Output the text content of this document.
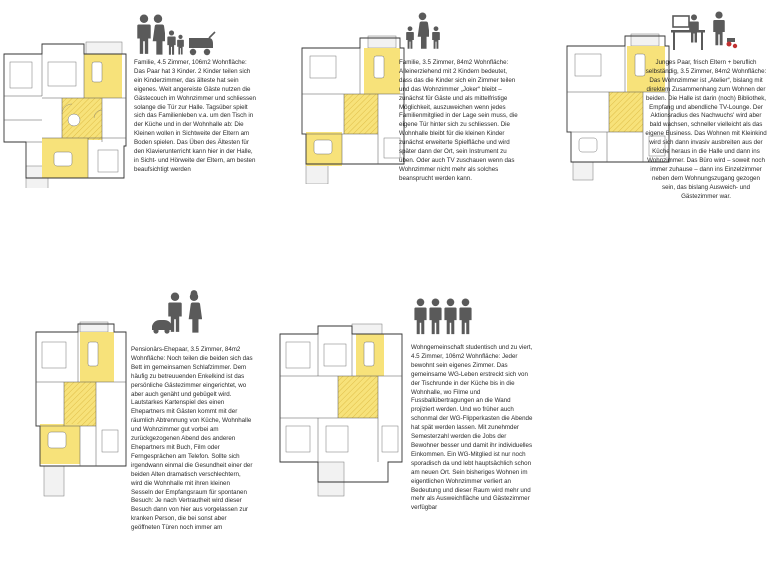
Familie, 4.5 Zimmer, 106m2 Wohnfläche:

Das Paar hat 3 Kinder. 2 Kinder teilen sich

ein Kinderzimmer, das älteste hat sein

eigenes. Weit angereiste Gäste nutzen die

Gästecouch im Wohnzimmer und schliessen

solange die Tür zur Halle. Tagsüber spielt

sich das Familienleben v.a. um den Tisch in

der Küche und in der Wohnhalle ab: Die

Kleinen wollen in Sichtweite der Eltern am

Boden spielen. Das Üben des Ältesten für

den Klavierunterricht kann hier in der Halle,

in Sicht- und Hörweite der Eltern, am besten

beaufsichtigt werden

Familie, 3.5 Zimmer, 84m2 Wohnfläche:

Alleinerziehend mit 2 Kindern bedeutet,

dass das die Kinder sich ein Zimmer teilen

und das Wohnzimmer „Joker“ bleibt –

zunächst für Gäste und als mittelfristige

Möglichkeit, auszuweichen wenn jedes

Familienmitglied in der Lage sein muss, die

eigene Tür hinter sich zu schliessen. Die

Wohnhalle bleibt für die kleinen Kinder

zunächst erweiterte Spielfläche und wird

später dann der Ort, sein Instrument zu

üben. Oder auch TV zuschauen wenn das

Wohnzimmer nicht mehr als solches

beansprucht werden kann.

Junges Paar, frisch Eltern + beruflich

selbständig, 3.5 Zimmer, 84m2 Wohnfläche:

Das Wohnzimmer ist „Atelier“, bislang mit

direktem Zusammenhang zum Wohnen der

beiden. Die Halle ist darin (noch) Bibliothek,

Empfang und abendliche TV-Lounge. Der

Aktionsradius des Nachwuchs' wird aber

bald wachsen, schneller vielleicht als das

eigene Business. Das Wohnen mit Kleinkind

wird sich dann invasiv ausbreiten aus der

Küche heraus in die Halle und dann ins

Wohnzimmer. Das Büro wird – soweit noch

immer zuhause – dann ins Einzelzimmer

neben dem Wohnungszugang gezogen

sein, das bislang Ausweich- und

Gästezimmer war.

Pensionärs-Ehepaar, 3.5 Zimmer, 84m2

Wohnfläche: Noch teilen die beiden sich das

Bett im gemeinsamen Schlafzimmer. Dem

häufig zu betreuuenden Enkelkind ist das

persönliche Gästezimmer eingerichtet, wo

aber auch genäht und gebügelt wird.

Lautstarkes Kartenspiel des einen

Ehepartners mit Gästen kommt mit der

räumlich Abtrennung von Küche, Wohnhalle

und Wohnzimmer gut vorbei am

zurückgezogenen Abend des anderen

Ehepartners mit Buch, Film oder

Ferngesprächen am Telefon. Sollte sich

irgendwann einmal die Gesundheit einer der

beiden Alten dramatisch verschlechtern,

wird die Wohnhalle mit ihren kleinen

Sesseln der Empfangsraum für spontanen

Besuch: Je nach Vertrautheit wird dieser

Besuch dann von hier aus vorgelassen zur

kranken Person, die bei sonst aber

geöffneten Türen noch immer am

Wohngemeinschaft studentisch und zu viert,

4.5 Zimmer, 106m2 Wohnfläche: Jeder

bewohnt sein eigenes Zimmer. Das

gemeinsame WG-Leben erstreckt sich von

der Tischrunde in der Küche bis in die

Wohnhalle, wo Filme und

Fussballübertragungen an die Wand

projiziert werden. Und wo früher auch

schonmal der WG-Flipperkasten die Abende

hat spät werden lassen. Mit zunehmder

Semesterzahl werden die Jobs der

Bewohner besser und damit ihr individuelles

Einkommen. Ein WG-Mitglied ist nur noch

sporadisch da und lebt hauptsächlich schon

am neuen Ort. Sein bisheriges Wohnen im

eigentlichen Wohnzimmer verliert an

Bedeutung und dieser Raum wird mehr und

mehr als Ausweichfläche und Gästezimmer

verfügbar
